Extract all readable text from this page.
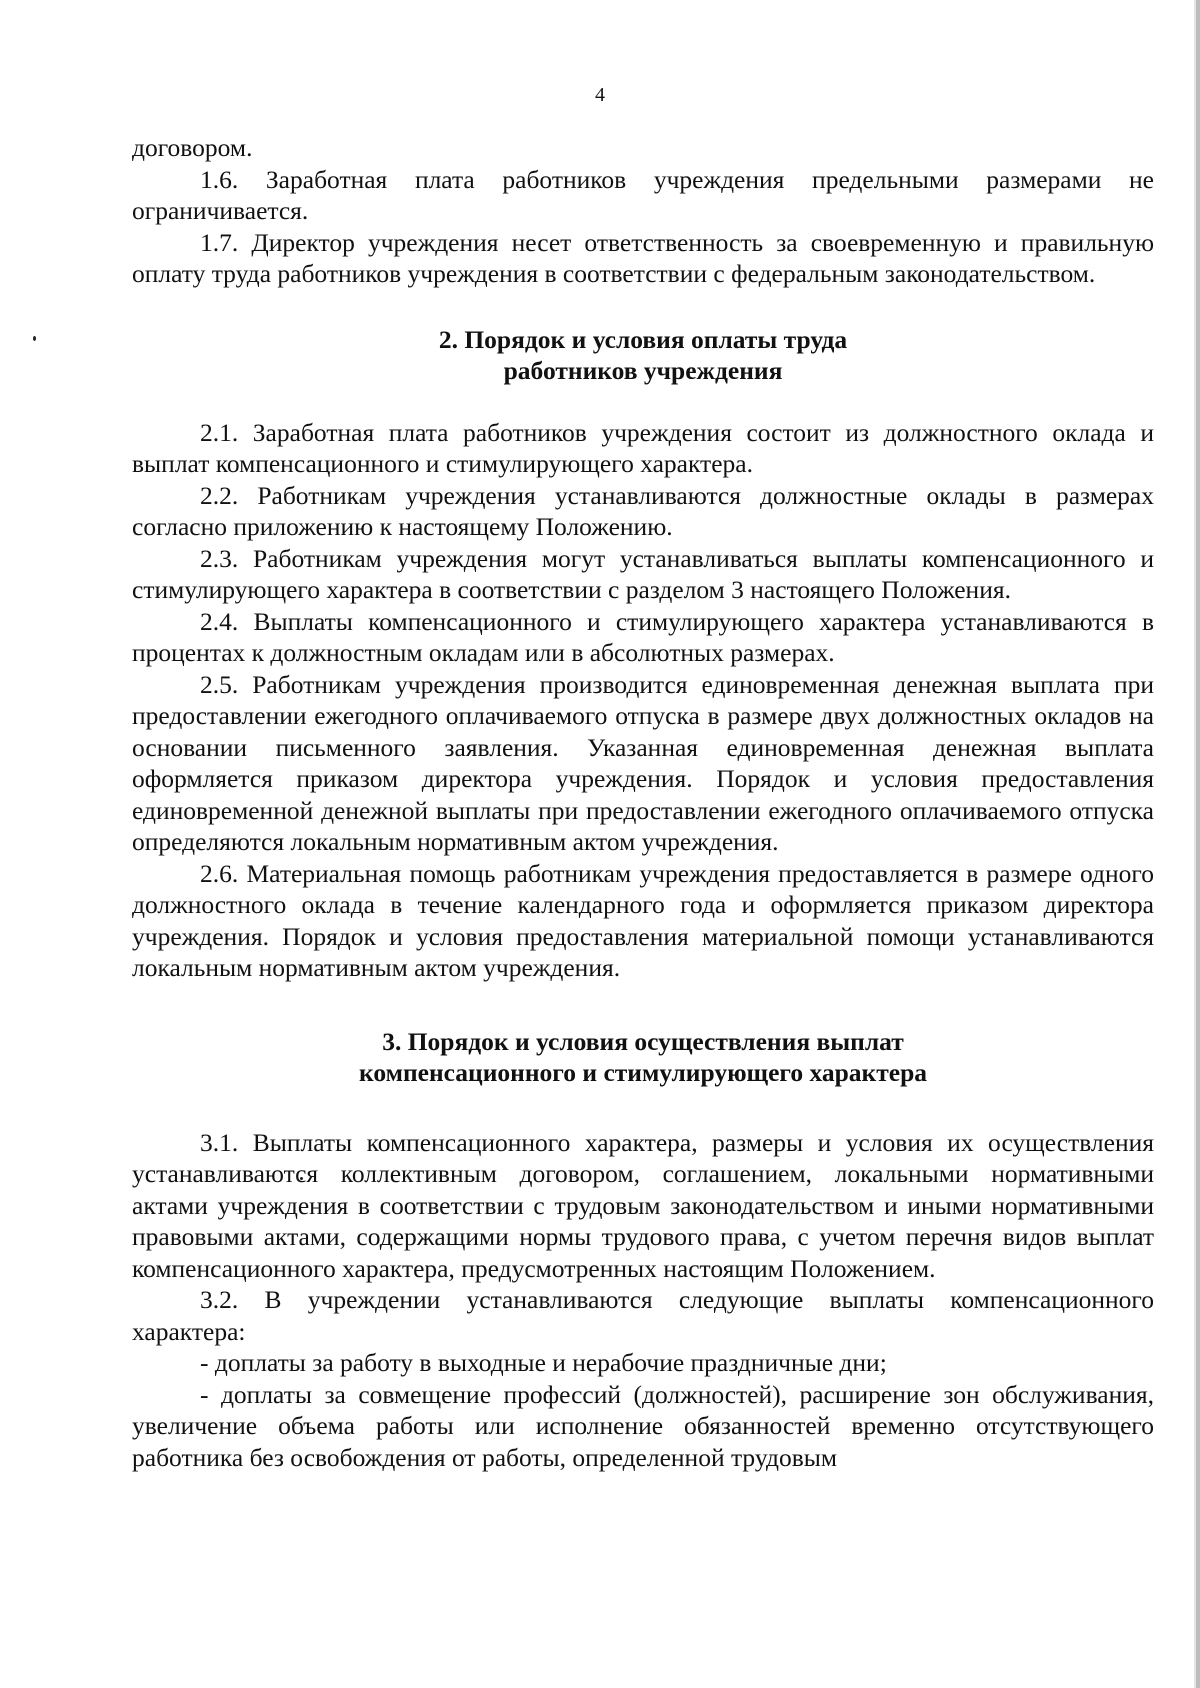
4

договором.

1.6. Заработная плата работников учреждения предельными размерами не ограничивается.

1.7. Директор учреждения несет ответственность за своевременную и правильную оплату труда работников учреждения в соответствии с федеральным законодательством.

2. Порядок и условия оплаты труда

работников учреждения

2.1. Заработная плата работников учреждения состоит из должностного оклада и выплат компенсационного и стимулирующего характера.

2.2. Работникам учреждения устанавливаются должностные оклады в размерах согласно приложению к настоящему Положению.

2.3. Работникам учреждения могут устанавливаться выплаты компенсационного и стимулирующего характера в соответствии с разделом 3 настоящего Положения.

2.4. Выплаты компенсационного и стимулирующего характера устанавливаются в процентах к должностным окладам или в абсолютных размерах.

2.5. Работникам учреждения производится единовременная денежная выплата при предоставлении ежегодного оплачиваемого отпуска в размере двух должностных окладов на основании письменного заявления. Указанная единовременная денежная выплата оформляется приказом директора учреждения. Порядок и условия предоставления единовременной денежной выплаты при предоставлении ежегодного оплачиваемого отпуска определяются локальным нормативным актом учреждения.

2.6. Материальная помощь работникам учреждения предоставляется в размере одного должностного оклада в течение календарного года и оформляется приказом директора учреждения. Порядок и условия предоставления материальной помощи устанавливаются локальным нормативным актом учреждения.

3. Порядок и условия осуществления выплат

компенсационного и стимулирующего характера

3.1. Выплаты компенсационного характера, размеры и условия их осуществления устанавливаются коллективным договором, соглашением, локальными нормативными актами учреждения в соответствии с трудовым законодательством и иными нормативными правовыми актами, содержащими нормы трудового права, с учетом перечня видов выплат компенсационного характера, предусмотренных настоящим Положением.

3.2. В учреждении устанавливаются следующие выплаты компенсационного характера:

- доплаты за работу в выходные и нерабочие праздничные дни;

- доплаты за совмещение профессий (должностей), расширение зон обслуживания, увеличение объема работы или исполнение обязанностей временно отсутствующего работника без освобождения от работы, определенной трудовым
